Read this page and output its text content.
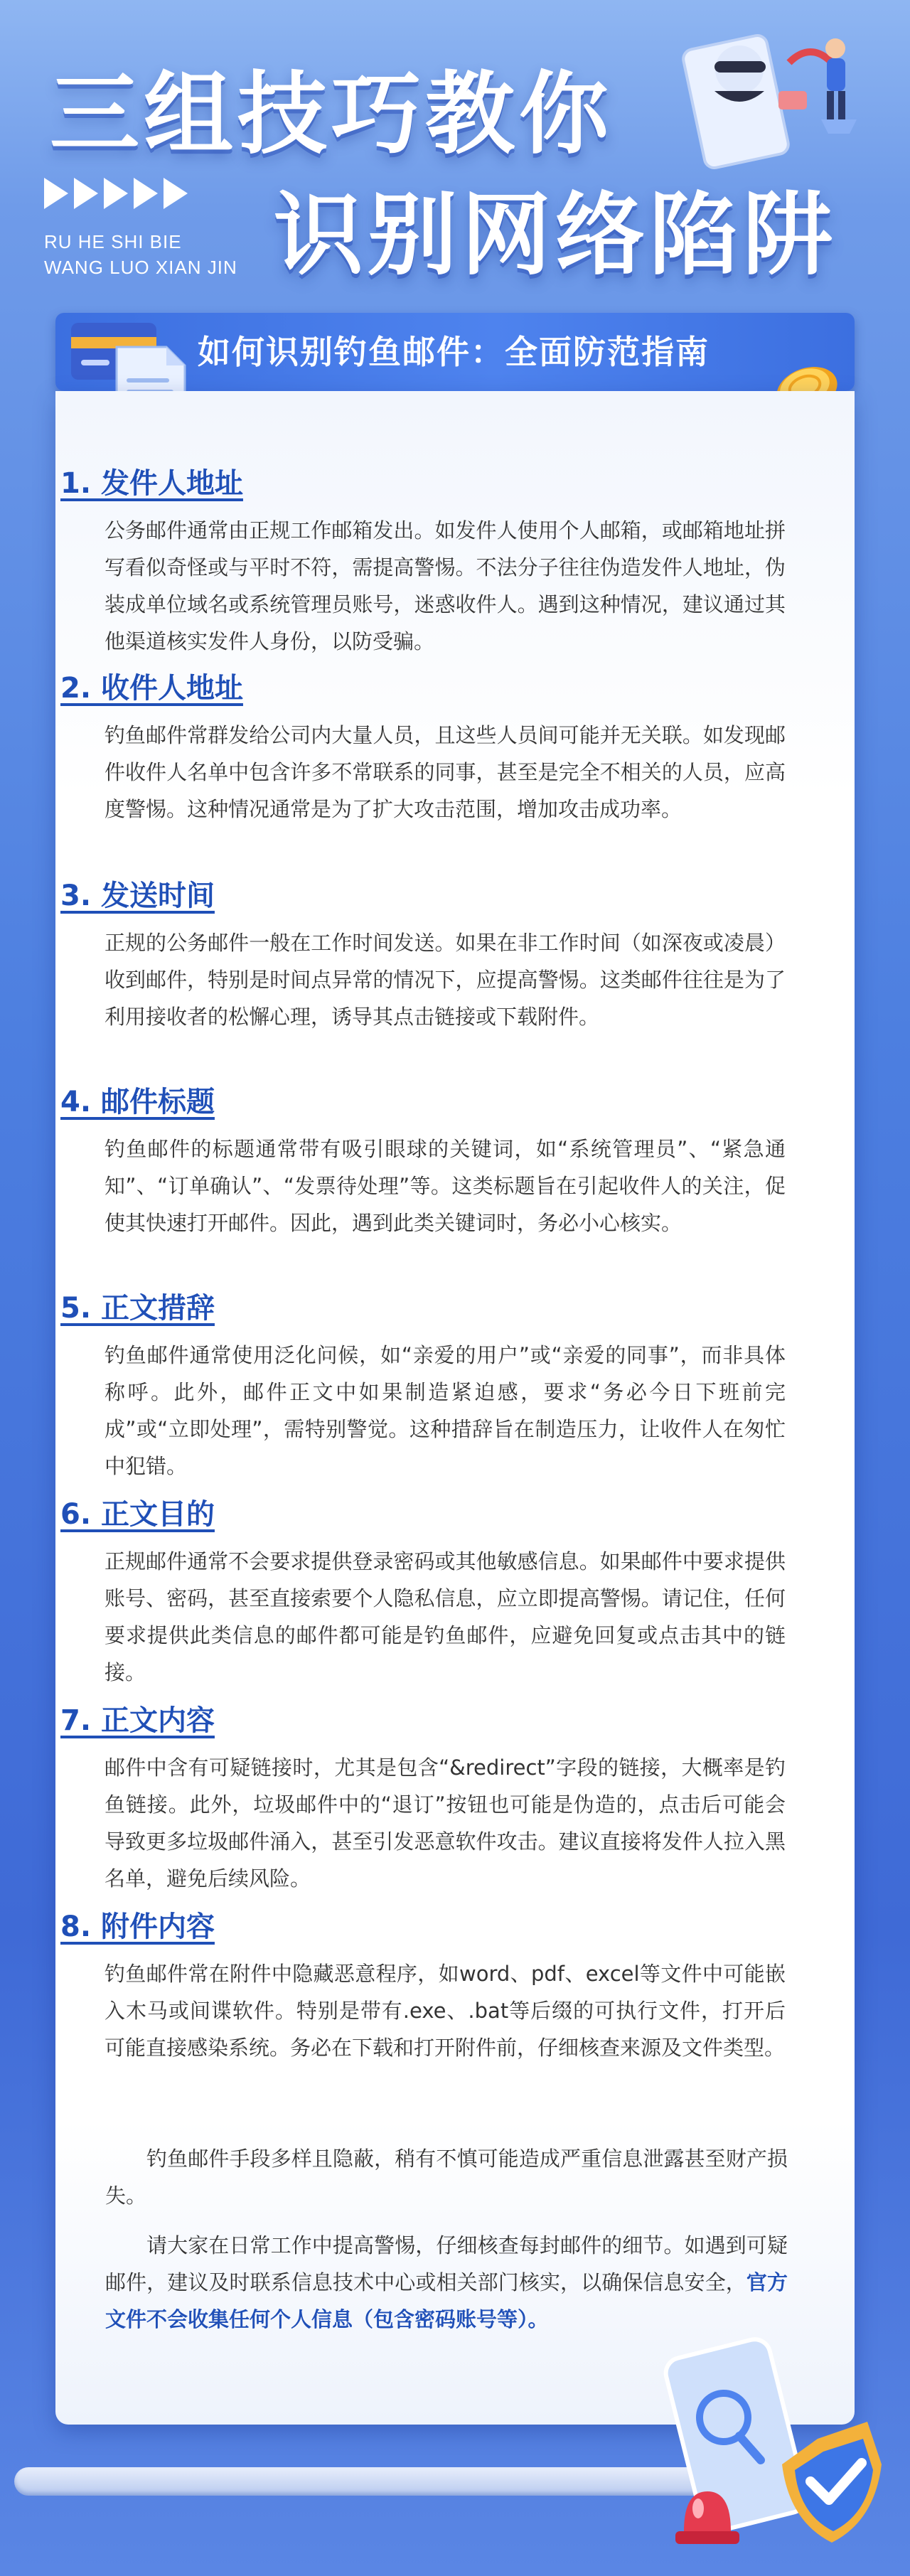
三组技巧教你
RU HE SHI BIE
WANG LUO XIAN JIN 识别网络陷阱
如何识别钓鱼邮件：全面防范指南
1. 发件人地址

公务邮件通常由正规工作邮箱发出。如发件人使用个人邮箱，或邮箱地址拼写看似奇怪或与平时不符，需提高警惕。不法分子往往伪造发件人地址，伪装成单位域名或系统管理员账号，迷惑收件人。遇到这种情况，建议通过其他渠道核实发件人身份，以防受骗。

2. 收件人地址

钓鱼邮件常群发给公司内大量人员，且这些人员间可能并无关联。如发现邮件收件人名单中包含许多不常联系的同事，甚至是完全不相关的人员，应高度警惕。这种情况通常是为了扩大攻击范围，增加攻击成功率。

3. 发送时间

正规的公务邮件一般在工作时间发送。如果在非工作时间（如深夜或凌晨）收到邮件，特别是时间点异常的情况下，应提高警惕。这类邮件往往是为了利用接收者的松懈心理，诱导其点击链接或下载附件。

4. 邮件标题

钓鱼邮件的标题通常带有吸引眼球的关键词，如“系统管理员”、“紧急通知”、“订单确认”、“发票待处理”等。这类标题旨在引起收件人的关注，促使其快速打开邮件。因此，遇到此类关键词时，务必小心核实。

5. 正文措辞

钓鱼邮件通常使用泛化问候，如“亲爱的用户”或“亲爱的同事”，而非具体称呼。此外，邮件正文中如果制造紧迫感，要求“务必今日下班前完成”或“立即处理”，需特别警觉。这种措辞旨在制造压力，让收件人在匆忙中犯错。

6. 正文目的

正规邮件通常不会要求提供登录密码或其他敏感信息。如果邮件中要求提供账号、密码，甚至直接索要个人隐私信息，应立即提高警惕。请记住，任何要求提供此类信息的邮件都可能是钓鱼邮件，应避免回复或点击其中的链接。

7. 正文内容

邮件中含有可疑链接时，尤其是包含“&redirect”字段的链接，大概率是钓鱼链接。此外，垃圾邮件中的“退订”按钮也可能是伪造的，点击后可能会导致更多垃圾邮件涌入，甚至引发恶意软件攻击。建议直接将发件人拉入黑名单，避免后续风险。

8. 附件内容

钓鱼邮件常在附件中隐藏恶意程序，如word、pdf、excel等文件中可能嵌入木马或间谍软件。特别是带有.exe、.bat等后缀的可执行文件，打开后可能直接感染系统。务必在下载和打开附件前，仔细核查来源及文件类型。

钓鱼邮件手段多样且隐蔽，稍有不慎可能造成严重信息泄露甚至财产损失。

请大家在日常工作中提高警惕，仔细核查每封邮件的细节。如遇到可疑邮件，建议及时联系信息技术中心或相关部门核实，以确保信息安全，官方文件不会收集任何个人信息（包含密码账号等）。
